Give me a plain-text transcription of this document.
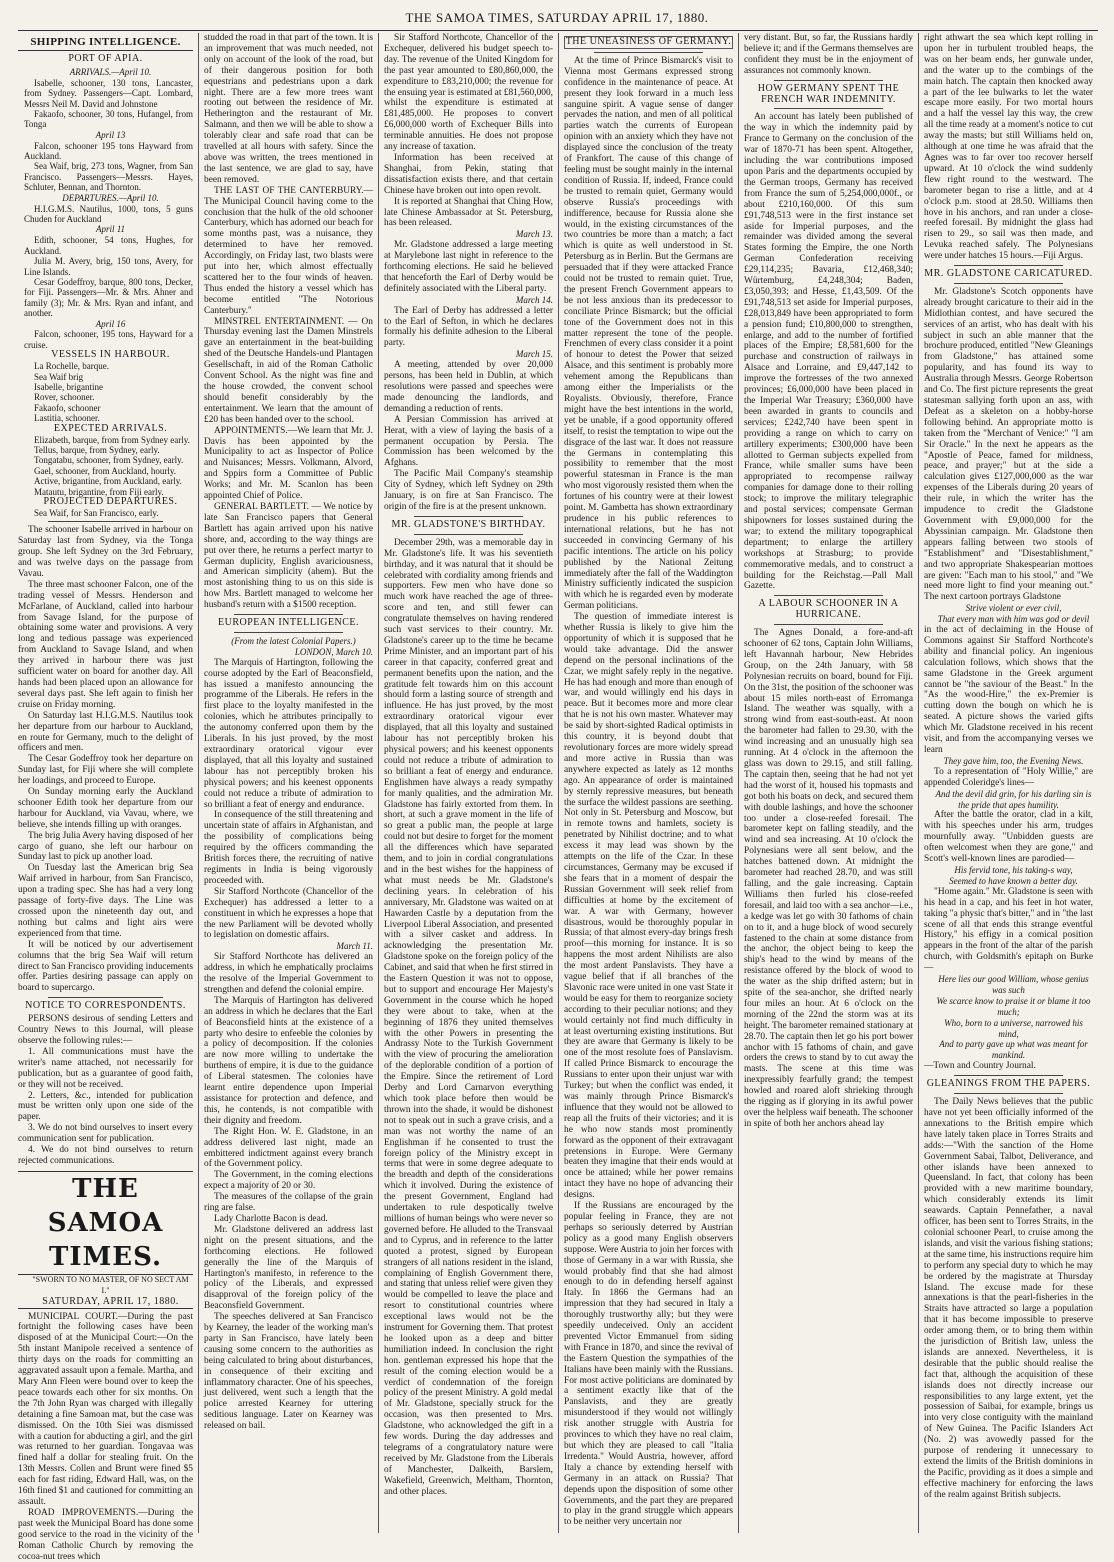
THE SAMOA TIMES, SATURDAY APRIL 17, 1880.
SHIPPING INTELLIGENCE.
PORT OF APIA.

ARRIVALS.—April 10.

Isabelle, schooner, 130 tons, Lancaster, from Sydney. Passengers—Capt. Lombard, Messrs Neil M. David and Johnstone

Fakaofo, schooner, 30 tons, Hufangel, from Tonga

April 13

Falcon, schooner 195 tons Hayward from Auckland.

Sea Waif, brig, 273 tons, Wagner, from San Francisco. Passengers—Messrs. Hayes, Schluter, Bennan, and Thornton.

DEPARTURES.—April 10.

H.I.G.M.S. Nautilus, 1000, tons, 5 guns Chuden for Auckland

April 11

Edith, schooner, 54 tons, Hughes, for Auckland.

Julia M. Avery, brig, 150 tons, Avery, for Line Islands.

Cesar Godeffroy, barque, 800 tons, Decker, for Fiji. Passengers—Mr. & Mrs. Ahner and family (3); Mr. & Mrs. Ryan and infant, and another.

April 16

Falcon, schooner, 195 tons, Hayward for a cruise.

VESSELS IN HARBOUR.

La Rochelle, barque.

Sea Waif brig

Isabelle, brigantine

Rover, schooner.

Fakaofo, schooner

Lastitia, schooner.

EXPECTED ARRIVALS.

Elizabeth, barque, from from Sydney early.

Tellus, barque, from Sydney, early.

Tongatabu, schooner, from Sydney, early.

Gael, schooner, from Auckland, hourly.

Active, brigantine, from Auckland, early.

Matautu, brigantine, from Fiji early.

PROJECTED DEPARTURES.

Sea Waif, for San Francisco, early.

The schooner Isabelle arrived in harbour on Saturday last from Sydney, via the Tonga group. She left Sydney on the 3rd February, and was twelve days on the passage from Vavau.

The three mast schooner Falcon, one of the trading vessel of Messrs. Henderson and McFarlane, of Auckland, called into harbour from Savage Island, for the purpose of obtaining some water and provisions. A very long and tedious passage was experienced from Auckland to Savage Island, and when they arrived in harbour there was just sufficient water on board for another day. All hands had been placed upon an allowance for several days past. She left again to finish her cruise on Friday morning.

On Saturday last H.I.G.M.S. Nautilus took her departure from our harbour to Auckland, en route for Germany, much to the delight of officers and men.

The Cesar Godeffroy took her departure on Sunday last, for Fiji where she will complete her loadings, and proceed to Europe.

On Sunday morning early the Auckland schooner Edith took her departure from our harbour for Auckland, via Vavau, where, we believe, she intends filling up with oranges.

The brig Julia Avery having disposed of her cargo of guano, she left our harbour on Sunday last to pick up another load.

On Tuesday last the American brig Sea Waif arrived in harbour, from San Francisco, upon a trading spec. She has had a very long passage of forty-five days. The Line was crossed upon the nineteenth day out, and nothing but calms and light airs were experienced from that time.

It will be noticed by our advertisement columns that the brig Sea Waif will return direct to San Francisco providing inducements offer. Parties desiring passage can apply on board to supercargo.

NOTICE TO CORRESPONDENTS.

PERSONS desirous of sending Letters and Country News to this Journal, will please observe the following rules:—

1. All communications must have the writer's name attached, not necessarily for publication, but as a guarantee of good faith, or they will not be received.

2. Letters, &c., intended for publication must be written only upon one side of the paper.

3. We do not bind ourselves to insert every communication sent for publication.

4. We do not bind ourselves to return rejected communications.

THE SAMOA TIMES.

"SWORN TO NO MASTER, OF NO SECT AM I."

SATURDAY, APRIL 17, 1880.

MUNICIPAL COURT.—During the past fortnight the following cases have been disposed of at the Municipal Court:—On the 5th instant Manipole received a sentence of thirty days on the roads for committing an aggravated assault upon a female. Martha, and Mary Ann Fleen were bound over to keep the peace towards each other for six months. On the 7th John Ryan was charged with illegally detaining a fine Samoan mat, but the case was dismissed. On the 10th Siei was dismissed with a caution for abducting a girl, and the girl was returned to her guardian. Tongavaa was fined half a dollar for stealing fruit. On the 13th Messrs. Collen and Brunt were fined $5 each for fast riding, Edward Hall, was, on the 16th fined $1 and cautioned for committing an assault.

ROAD IMPROVEMENTS.—During the past week the Municipal Board has done some good service to the road in the vicinity of the Roman Catholic Church by removing the cocoa-nut trees which

studded the road in that part of the town. It is an improvement that was much needed, not only on account of the look of the road, but of their dangerous position for both equestrians and pedestrians upon a dark night. There are a few more trees want rooting out between the residence of Mr. Hetherington and the restaurant of Mr. Salmann, and then we will be able to show a tolerably clear and safe road that can be travelled at all hours with safety. Since the above was written, the trees mentioned in the last sentence, we are glad to say, have been removed.

THE LAST OF THE CANTERBURY.—The Municipal Council having come to the conclusion that the hulk of the old schooner Canterbury, which has adorned our beach for some months past, was a nuisance, they determined to have her removed. Accordingly, on Friday last, two blasts were put into her, which almost effectually scattered her to the four winds of heaven. Thus ended the history a vessel which has become entitled "The Notorious Canterbury."

MINSTREL ENTERTAINMENT. — On Thursday evening last the Damen Minstrels gave an entertainment in the beat-building shed of the Deutsche Handels-und Plantagen Gesellschaft, in aid of the Roman Catholic Convent School. As the night was fine and the house crowded, the convent school should benefit considerably by the entertainment. We learn that the amount of £20 has been handed over to the school.

APPOINTMENTS.—We learn that Mr. J. Davis has been appointed by the Municipality to act as Inspector of Police and Nuisances; Messrs. Volkmann, Alvord, and Sppirs form a Committee of Public Works; and Mr. M. Scanlon has been appointed Chief of Police.

GENERAL BARTLETT. — We notice by late San Francisco papers that General Bartlett has again arrived upon his native shore, and, according to the way things are put over there, he returns a perfect martyr to German duplicity, English avariciousness, and American simplicity (ahem). But the most astonishing thing to us on this side is how Mrs. Bartlett managed to welcome her husband's return with a $1500 reception.

EUROPEAN INTELLIGENCE.

(From the latest Colonial Papers.)

LONDON, March 10.

The Marquis of Hartington, following the course adopted by the Earl of Beaconsfield, has issued a manifesto announcing the programme of the Liberals. He refers in the first place to the loyalty manifested in the colonies, which he attributes principally to the autonomy conferred upon them by the Liberals. In his just proved, by the most extraordinary oratorical vigour ever displayed, that all this loyalty and sustained labour has not perceptibly broken his physical powers; and his keenest opponents could not reduce a tribute of admiration to so brilliant a feat of energy and endurance.

In consequence of the still threatening and uncertain state of affairs in Afghanistan, and the possibility of complications being required by the officers commanding the British forces there, the recruiting of native regiments in India is being vigorously proceeded with.

Sir Stafford Northcote (Chancellor of the Exchequer) has addressed a letter to a constituent in which he expresses a hope that the new Parliament will be devoted wholly to legislation on domestic affairs.

March 11.

Sir Stafford Northcote has delivered an address, in which he emphatically proclaims the resolve of the Imperial Government to strengthen and defend the colonial empire.

The Marquis of Hartington has delivered an address in which he declares that the Earl of Beaconsfield hints at the existence of a party who desire to enfeeble the colonies by a policy of decomposition. If the colonies are now more willing to undertake the burthens of empire, it is due to the guidance of Liberal statesmen. The colonies have learnt entire dependence upon Imperial assistance for protection and defence, and this, he contends, is not compatible with their dignity and freedom.

The Right Hon. W. E. Gladstone, in an address delivered last night, made an embittered indictment against every branch of the Government policy.

The Government, in the coming elections expect a majority of 20 or 30.

The measures of the collapse of the grain ring are false.

Lady Charlotte Bacon is dead.

Mr. Gladstone delivered an address last night on the present situations, and the forthcoming elections. He followed generally the line of the Marquis of Hartington's manifesto, in reference to the policy of the Liberals, and expressed disapproval of the foreign policy of the Beaconsfield Government.

The speeches delivered at San Francisco by Kearney, the leader of the working man's party in San Francisco, have lately been causing some concern to the authorities as being calculated to bring about disturbances, in consequence of their exciting and inflammatory character. One of his speeches, just delivered, went such a length that the police arrested Kearney for uttering seditious language. Later on Kearney was released on bail.

Sir Stafford Northcote, Chancellor of the Exchequer, delivered his budget speech to-day. The revenue of the United Kingdom for the past year amounted to £80,860,000, the expenditure to £83,210,000; the revenue for the ensuing year is estimated at £81,560,000, whilst the expenditure is estimated at £81,485,000. He proposes to convert £6,000,000 worth of Exchequer Bills into terminable annuities. He does not propose any increase of taxation.

Information has been received at Shanghai, from Pekin, stating that dissatisfaction exists there, and that certain Chinese have broken out into open revolt.

It is reported at Shanghai that Ching How, late Chinese Ambassador at St. Petersburg, has been released.

March 13.

Mr. Gladstone addressed a large meeting at Marylebone last night in reference to the forthcoming elections. He said he believed that henceforth the Earl of Derby would be definitely associated with the Liberal party.

March 14.

The Earl of Derby has addressed a letter to the Earl of Sefton, in which he declares formally his definite adhesion to the Liberal party.

March 15.

A meeting, attended by over 20,000 persons, has been held in Dublin, at which resolutions were passed and speeches were made denouncing the landlords, and demanding a reduction of rents.

A Persian Commission has arrived at Herat, with a view of laying the basis of a permanent occupation by Persia. The Commission has been welcomed by the Afghans.

The Pacific Mail Company's steamship City of Sydney, which left Sydney on 29th January, is on fire at San Francisco. The origin of the fire is at the present unknown.

MR. GLADSTONE'S BIRTHDAY.

December 29th, was a memorable day in Mr. Gladstone's life. It was his seventieth birthday, and it was natural that it should be celebrated with cordiality among friends and supporters. Few men who have done so much work have reached the age of three-score and ten, and still fewer can congratulate themselves on having rendered such vast services to their country. Mr. Gladstone's career up to the time he became Prime Minister, and an important part of his career in that capacity, conferred great and permanent benefits upon the nation, and the gratitude felt towards him on this account should form a lasting source of strength and influence. He has just proved, by the most extraordinary oratorical vigour ever displayed, that all this loyalty and sustained labour has not perceptibly broken his physical powers; and his keenest opponents could not reduce a tribute of admiration to so brilliant a feat of energy and endurance. Englishmen have always a ready sympathy for manly qualities, and the admiration Mr. Gladstone has fairly extorted from them. In short, at such a grave moment in the life of so great a public man, the people at large could not but desire to forget for the moment all the differences which have separated them, and to join in cordial congratulations and in the best wishes for the happiness of what must needs be Mr. Gladstone's declining years. In celebration of his anniversary, Mr. Gladstone was waited on at Hawarden Castle by a deputation from the Liverpool Liberal Association, and presented with a silver casket and address. In acknowledging the presentation Mr. Gladstone spoke on the foreign policy of the Cabinet, and said that when he first stirred in the Eastern Question it was not to oppose, but to support and encourage Her Majesty's Government in the course which he hoped they were about to take, when at the beginning of 1876 they united themselves with the other Powers in presenting the Andrassy Note to the Turkish Government with the view of procuring the amelioration of the deplorable condition of a portion of the Empire. Since the retirement of Lord Derby and Lord Carnarvon everything which took place before then would be thrown into the shade, it would be dishonest not to speak out in such a grave crisis, and a man was not worthy the name of an Englishman if he consented to trust the foreign policy of the Ministry except in terms that were in some degree adequate to the breadth and depth of the considerations which it involved. During the existence of the present Government, England had undertaken to rule despotically twelve millions of human beings who were never so governed before. He alluded to the Transvaal and to Cyprus, and in reference to the latter quoted a protest, signed by European strangers of all nations resident in the island, complaining of English Government there, and stating that unless relief were given they would be compelled to leave the place and resort to constitutional countries where exceptional laws would not be the instrument for Governing them. That protest he looked upon as a deep and bitter humiliation indeed. In conclusion the right hon. gentleman expressed his hope that the result of the coming election would be a verdict of condemnation of the foreign policy of the present Ministry. A gold medal of Mr. Gladstone, specially struck for the occasion, was then presented to Mrs. Gladstone, who acknowledged the gift in a few words. During the day addresses and telegrams of a congratulatory nature were received by Mr. Gladstone from the Liberals of Manchester, Dalkeith, Barslem, Wakefield, Greenwich, Meltham, Thornton, and other places.

THE UNEASINESS OF GERMANY.

At the time of Prince Bismarck's visit to Vienna most Germans expressed strong confidence in the maintenance of peace. At present they look forward in a much less sanguine spirit. A vague sense of danger pervades the nation, and men of all political parties watch the currents of European opinion with an anxiety which they have not displayed since the conclusion of the treaty of Frankfort. The cause of this change of feeling must be sought mainly in the internal condition of Russia. If, indeed, France could be trusted to remain quiet, Germany would observe Russia's proceedings with indifference, because for Russia alone she would, in the existing circumstances of the two countries be more than a match; a fact which is quite as well understood in St. Petersburg as in Berlin. But the Germans are persuaded that if they were attacked France could not be trusted to remain quiet. True, the present French Government appears to be not less anxious than its predecessor to conciliate Prince Bismarck; but the official tone of the Government does not in this matter represent the tone of the people. Frenchmen of every class consider it a point of honour to detest the Power that seized Alsace, and this sentiment is probably more vehement among the Republicans than among either the Imperialists or the Royalists. Obviously, therefore, France might have the best intentions in the world, yet be unable, if a good opportunity offered itself, to resist the temptation to wipe out the disgrace of the last war. It does not reassure the Germans in contemplating this possibility to remember that the most powerful statesman in France is the man who most vigorously resisted them when the fortunes of his country were at their lowest point. M. Gambetta has shown extraordinary prudence in his public references to international relations, but he has not succeeded in convincing Germany of his pacific intentions. The article on his policy published by the National Zeitung immediately after the fall of the Waddington Ministry sufficiently indicated the suspicion with which he is regarded even by moderate German politicians.

The question of immediate interest is whether Russia is likely to give him the opportunity of which it is supposed that he would take advantage. Did the answer depend on the personal inclinations of the Czar, we might safely reply in the negative. He has had enough and more than enough of war, and would willingly end his days in peace. But it becomes more and more clear that he is not his own master. Whatever may be said by short-sighted Radical optimists in this country, it is beyond doubt that revolutionary forces are more widely spread and more active in Russia than was anywhere expected as lately as 12 months ago. An appearance of order is maintained by sternly repressive measures, but beneath the surface the wildest passions are seething. Not only in St. Petersburg and Moscow, but in remote towns and hamlets, society is penetrated by Nihilist doctrine; and to what excess it may lead was shown by the attempts on the life of the Czar. In these circumstances, Germany may be excused if she fears that in a moment of despair the Russian Government will seek relief from difficulties at home by the excitement of war. A war with Germany, however disastrous, would be thoroughly popular in Russia; of that almost every-day brings fresh proof—this morning for instance. It is so happens the most ardent Nihilists are also the most ardent Panslavists. They have a vague belief that if all branches of the Slavonic race were united in one vast State it would be easy for them to reorganize society according to their peculiar notions; and they would certainly not find much difficulty in at least overturning existing institutions. But they are aware that Germany is likely to be one of the most resolute foes of Panslavism. If called Prince Bismarck to encourage the Russians to enter upon their unjust war with Turkey; but when the conflict was ended, it was mainly through Prince Bismarck's influence that they would not be allowed to reap all the fruits of their victories; and it is he who now stands most prominently forward as the opponent of their extravagant pretensions in Europe. Were Germany beaten they imagine that their ends would at once be attained; while her power remains intact they have no hope of advancing their designs.

If the Russians are encouraged by the popular feeling in France, they are not perhaps so seriously deterred by Austrian policy as a good many English observers suppose. Were Austria to join her forces with those of Germany in a war with Russia, she would probably find that she had almost enough to do in defending herself against Italy. In 1866 the Germans had an impression that they had secured in Italy a thoroughly trustworthy ally; but they were speedily undeceived. Only an accident prevented Victor Emmanuel from siding with France in 1870, and since the revival of the Eastern Question the sympathies of the Italians have been mainly with the Russians. For most active politicians are dominated by a sentiment exactly like that of the Panslavists, and they are greatly misunderstood if they would not willingly risk another struggle with Austria for provinces to which they have no real claim, but which they are pleased to call "Italia Irredenta." Would Austria, however, afford Italy a chance by extending herself with Germany in an attack on Russia? That depends upon the disposition of some other Governments, and the part they are prepared to play in the grand struggle which appears to be neither very uncertain nor

very distant. But, so far, the Russians hardly believe it; and if the Germans themselves are confident they must be in the enjoyment of assurances not commonly known.

HOW GERMANY SPENT THE FRENCH WAR INDEMNITY.

An account has lately been published of the way in which the indemnity paid by France to Germany on the conclusion of the war of 1870-71 has been spent. Altogether, including the war contributions imposed upon Paris and the departments occupied by the German troops, Germany has received from France the sum of 5,254,000,000f., or about £210,160,000. Of this sum £91,748,513 were in the first instance set aside for Imperial purposes, and the remainder was divided among the several States forming the Empire, the one North German Confederation receiving £29,114,235; Bavaria, £12,468,340; Würtemburg, £4,248,304; Baden, £3,050,393; and Hesse, £1,43,509. Of the £91,748,513 set aside for Imperial purposes, £28,013,849 have been appropriated to form a pension fund; £10,800,000 to strengthen, enlarge, and add to the number of fortified places of the Empire; £8,581,600 for the purchase and construction of railways in Alsace and Lorraine, and £9,447,142 to improve the fortresses of the two annexed provinces; £6,000,000 have been placed in the Imperial War Treasury; £360,000 have been awarded in grants to councils and services; £242,740 have been spent in providing a range on which to carry on artillery experiments; £300,000 have been allotted to German subjects expelled from France, while smaller sums have been appropriated to recompense railway companies for damage done to their rolling stock; to improve the military telegraphic and postal services; compensate German shipowners for losses sustained during the war; to extend the military topographical department; to enlarge the artillery workshops at Strasburg; to provide commemorative medals, and to construct a building for the Reichstag.—Pall Mall Gazette.

A LABOUR SCHOONER IN A HURRICANE.

The Agnes Donald, a fore-and-aft schooner of 62 tons, Captain John Williams, left Havannah harbour, New Hebrides Group, on the 24th January, with 58 Polynesian recruits on board, bound for Fiji. On the 31st, the position of the schooner was about 15 miles north-east of Erromanga Island. The weather was squally, with a strong wind from east-south-east. At noon the barometer had fallen to 29.30, with the wind increasing and an unusually high sea running. At 4 o'clock in the afternoon the glass was down to 29.15, and still falling. The captain then, seeing that he had not yet had the worst of it, housed his topmasts and got both his boats on deck, and secured them with double lashings, and hove the schooner too under a close-reefed foresail. The barometer kept on falling steadily, and the wind and sea increasing. At 10 o'clock the Polynesians were all sent below, and the hatches battened down. At midnight the barometer had reached 28.70, and was still falling, and the gale increasing. Captain Williams then furled his close-reefed foresail, and laid too with a sea anchor—i.e., a kedge was let go with 30 fathoms of chain on to it, and a huge block of wood securely fastened to the chain at some distance from the anchor, the object being to keep the ship's head to the wind by means of the resistance offered by the block of wood to the water as the ship drifted astern; but in spite of the sea-anchor, she drifted nearly four miles an hour. At 6 o'clock on the morning of the 22nd the storm was at its height. The barometer remained stationary at 28.70. The captain then let go his port bower anchor with 15 fathoms of chain, and gave orders the crews to stand by to cut away the masts. The scene at this time was inexpressibly fearfully grand; the tempest howled and roared aloft shrieking through the rigging as if glorying in its awful power over the helpless waif beneath. The schooner in spite of both her anchors ahead lay

right athwart the sea which kept rolling in upon her in turbulent troubled heaps, the was on her beam ends, her gunwale under, and the water up to the combings of the main hatch. The captain then knocked away a part of the lee bulwarks to let the water escape more easily. For two mortal hours and a half the vessel lay this way, the crew all the time ready at a moment's notice to cut away the masts; but still Williams held on, although at one time he was afraid that the Agnes was to far over too recover herself upward. At 10 o'clock the wind suddenly flew right round to the westward. The barometer began to rise a little, and at 4 o'clock p.m. stood at 28.50. Williams then hove in his anchors, and ran under a close-reefed foresail. By midnight the glass had risen to 29., so sail was then made, and Levuka reached safely. The Polynesians were under hatches 15 hours.—Fiji Argus.

MR. GLADSTONE CARICATURED.

Mr. Gladstone's Scotch opponents have already brought caricature to their aid in the Midlothian contest, and have secured the services of an artist, who has dealt with his subject in such an able manner that the brochure produced, entitled "New Gleanings from Gladstone," has attained some popularity, and has found its way to Australia through Messrs. George Robertson and Co. The first picture represents the great statesman sallying forth upon an ass, with Defeat as a skeleton on a hobby-horse following behind. An appropriate motto is taken from the "Merchant of Venice:" "I am Sir Oracle." In the next he appears as the "Apostle of Peace, famed for mildness, peace, and prayer;" but at the side a calculation gives £127,000,000 as the war expenses of the Liberals during 20 years of their rule, in which the writer has the impudence to credit the Gladstone Government with £9,000,000 for the Abyssinian campaign. Mr. Gladstone then appears falling between two stools of "Establishment" and "Disestablishment," and two appropriate Shakespearian mottoes are given: "Each man to his stool," and "We need more light to find your meaning out." The next cartoon portrays Gladstone

Strive violent or ever civil,

That every man with him was god or devil

in the act of declaiming in the House of Commons against Sir Stafford Northcote's ability and financial policy. An ingenious calculation follows, which shows that the same Gladstone in the Greek argument cannot be "the saviour of the Beast." In the "As the wood-Hire," the ex-Premier is cutting down the bough on which he is seated. A picture shows the varied gifts which Mr. Gladstone received in his recent visit, and from the accompanying verses we learn

They gave him, too, the Evening News.

To a representation of "Holy Willie," are appended Coleridge's lines—

And the devil did grin, for his darling sin is the pride that apes humility.

After the battle the orator, clad in a kilt, with his speeches under his arm, trudges mournfully away. "Unbidden guests are often welcomest when they are gone," and Scott's well-known lines are parodied—

His fervid tone, his taking-s way,

Seemed to have known a better day.

"Home again." Mr. Gladstone is seen with his head in a cap, and his feet in hot water, taking "a physic that's bitter," and in "the last scene of all that ends this strange eventful History," his effigy in a comical position appears in the front of the altar of the parish church, with Goldsmith's epitaph on Burke—

Here lies our good William, whose genius was such

We scarce know to praise it or blame it too much;

Who, born to a universe, narrowed his mind,

And to party gave up what was meant for mankind.

—Town and Country Journal.

GLEANINGS FROM THE PAPERS.

The Daily News believes that the public have not yet been officially informed of the annexations to the British empire which have lately taken place in Torres Straits and adds:—"With the sanction of the Home Government Sabai, Talbot, Deliverance, and other islands have been annexed to Queensland. In fact, that colony has been provided with a new maritime boundary, which considerably extends its limit seawards. Captain Pennefather, a naval officer, has been sent to Torres Straits, in the colonial schooner Pearl, to cruise among the islands, and visit the various fishing stations; at the same time, his instructions require him to perform any special duty to which he may be ordered by the magistrate at Thursday Island. The excuse made for these annexations is that the pearl-fisheries in the Straits have attracted so large a population that it has become impossible to preserve order among them, or to bring them within the jurisdiction of British law, unless the islands are annexed. Nevertheless, it is desirable that the public should realise the fact that, although the acquisition of these islands does not directly increase our responsibilities to any large extent, yet the possession of Saibai, for example, brings us into very close contiguity with the mainland of New Guinea. The Pacific Islanders Act (No. 2) was avowedly passed for the purpose of rendering it unnecessary to extend the limits of the British dominions in the Pacific, providing as it does a simple and effective machinery for enforcing the laws of the realm against British subjects.
